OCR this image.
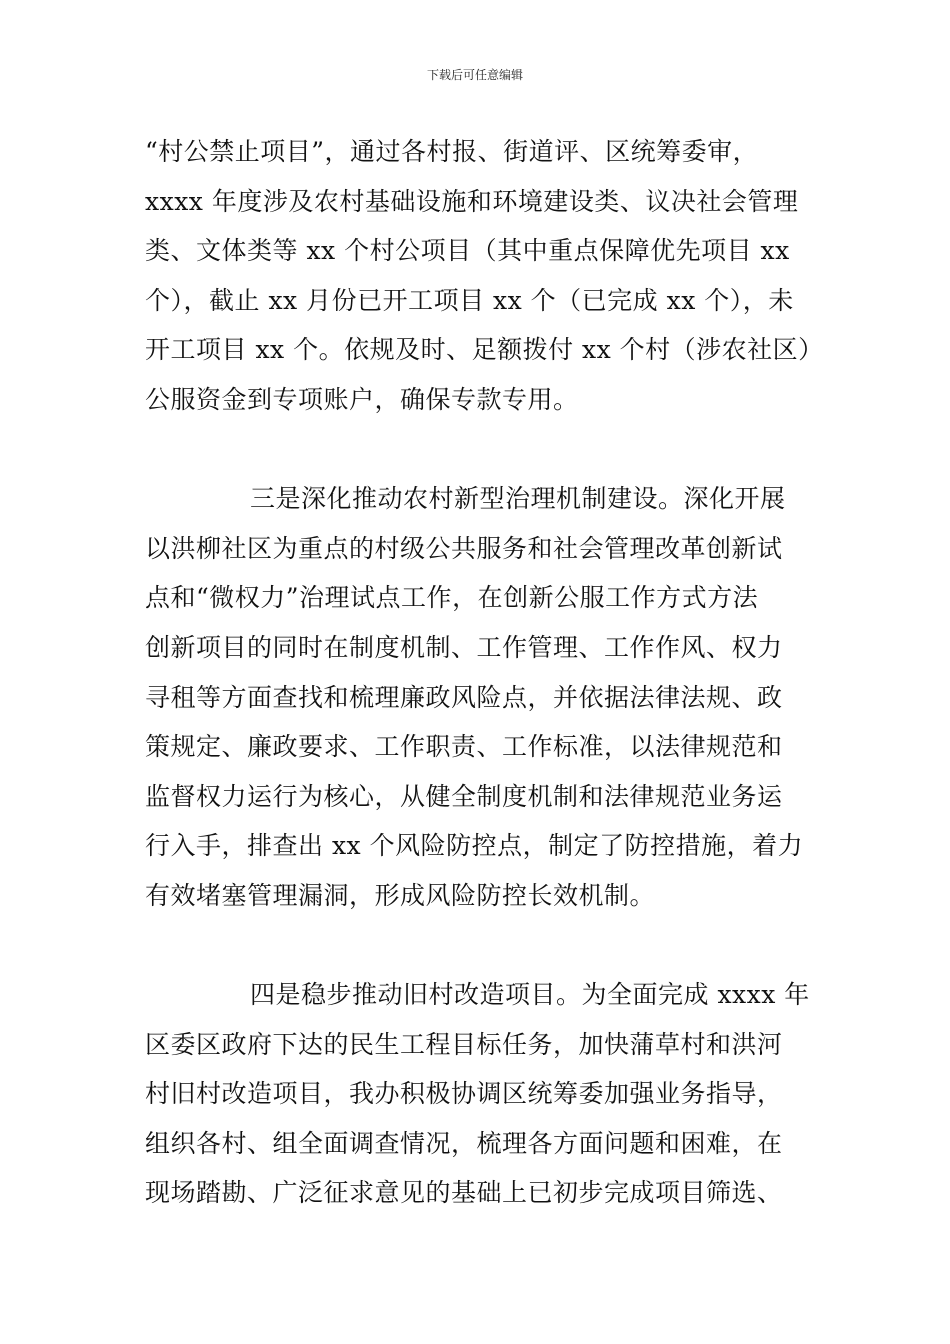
下载后可任意编辑
“村公禁止项目”，通过各村报、街道评、区统筹委审，
xxxx 年度涉及农村基础设施和环境建设类、议决社会管理
类、文体类等 xx 个村公项目（其中重点保障优先项目 xx
个），截止 xx 月份已开工项目 xx 个（已完成 xx 个），未
开工项目 xx 个。依规及时、足额拨付 xx 个村（涉农社区）
公服资金到专项账户，确保专款专用。
三是深化推动农村新型治理机制建设。深化开展
以洪柳社区为重点的村级公共服务和社会管理改革创新试
点和“微权力”治理试点工作，在创新公服工作方式方法
创新项目的同时在制度机制、工作管理、工作作风、权力
寻租等方面查找和梳理廉政风险点，并依据法律法规、政
策规定、廉政要求、工作职责、工作标准，以法律规范和
监督权力运行为核心，从健全制度机制和法律规范业务运
行入手，排查出 xx 个风险防控点，制定了防控措施，着力
有效堵塞管理漏洞，形成风险防控长效机制。
四是稳步推动旧村改造项目。为全面完成 xxxx 年
区委区政府下达的民生工程目标任务，加快蒲草村和洪河
村旧村改造项目，我办积极协调区统筹委加强业务指导，
组织各村、组全面调查情况，梳理各方面问题和困难，在
现场踏勘、广泛征求意见的基础上已初步完成项目筛选、
